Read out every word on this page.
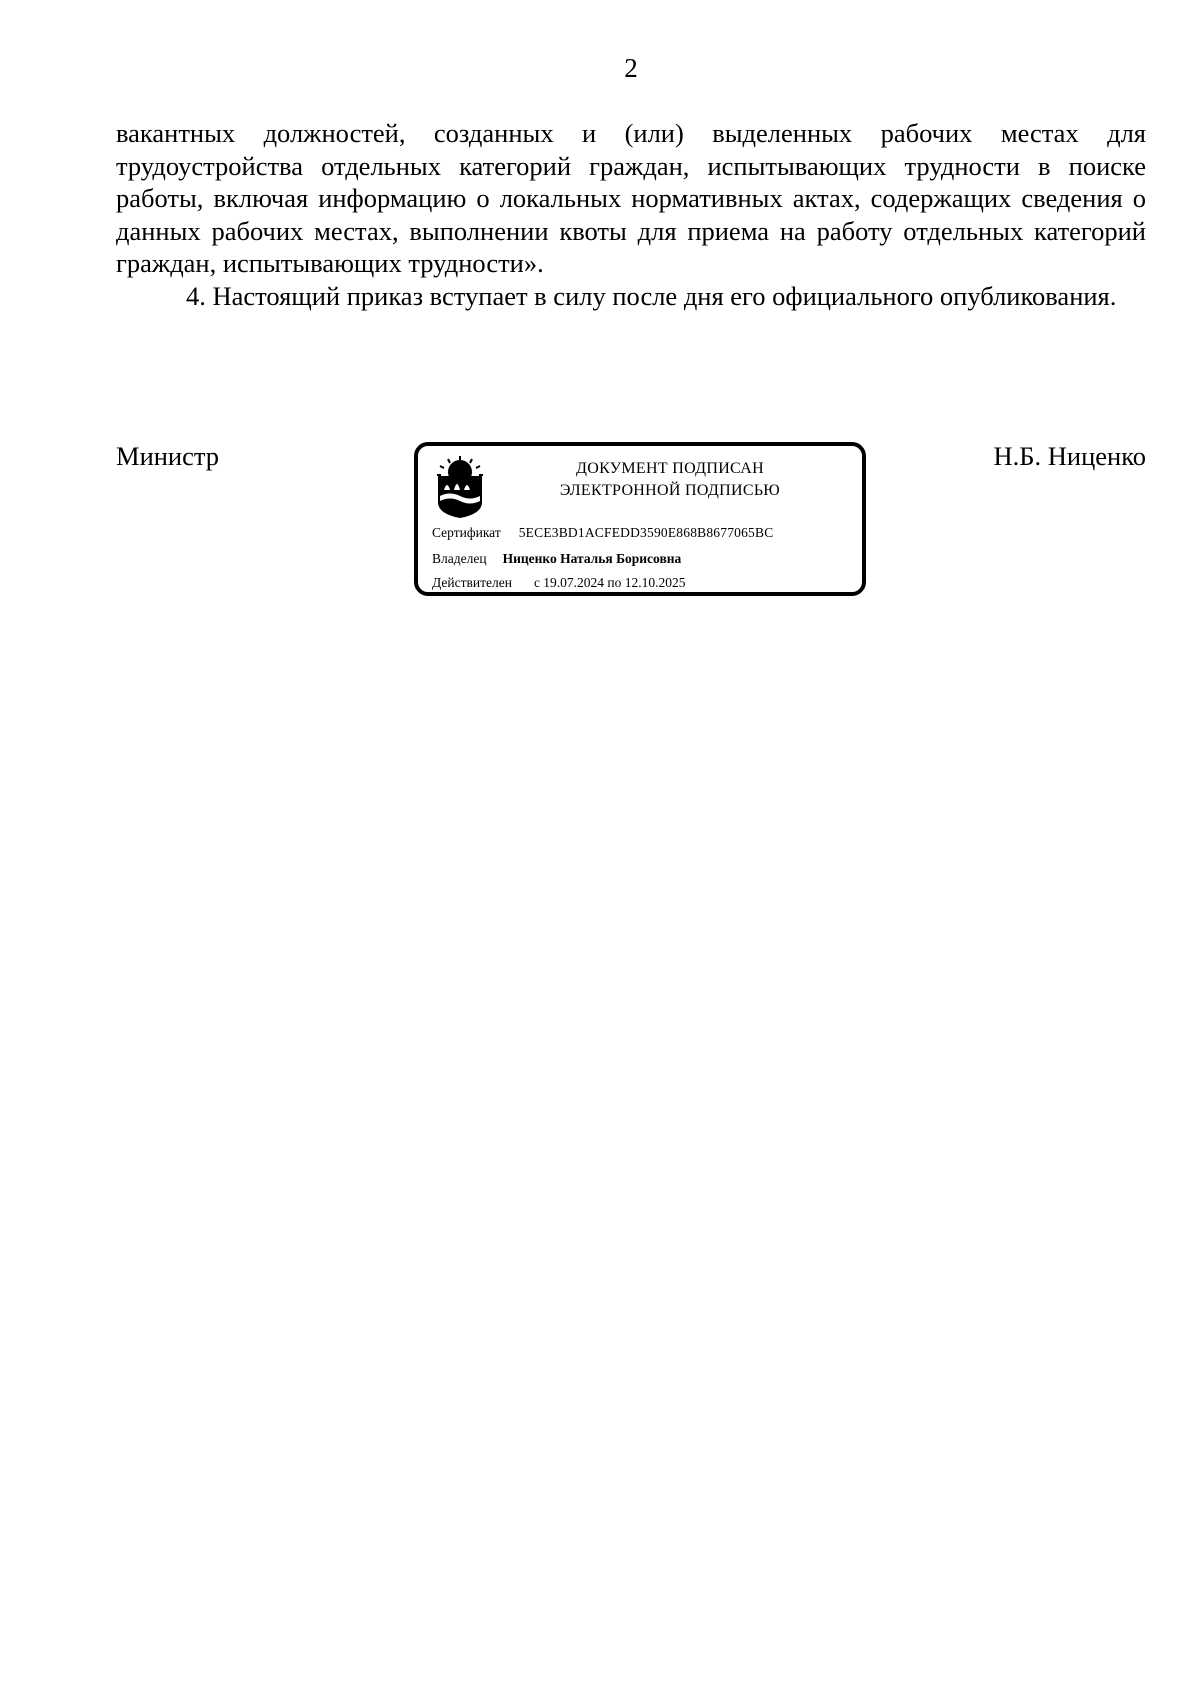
2

вакантных должностей, созданных и (или) выделенных рабочих местах для трудоустройства отдельных категорий граждан, испытывающих трудности в поиске работы, включая информацию о локальных нормативных актах, содержащих сведения о данных рабочих местах, выполнении квоты для приема на работу отдельных категорий граждан, испытывающих трудности».

4. Настоящий приказ вступает в силу после дня его официального опубликования.

Министр	ДОКУМЕНТ ПОДПИСАН
ЭЛЕКТРОННОЙ ПОДПИСЬЮ
Сертификат 5ECE3BD1ACFEDD3590E868B8677065BC
Владелец Ниценко Наталья Борисовна
Действителен с 19.07.2024 по 12.10.2025
Н.Б. Ниценко
